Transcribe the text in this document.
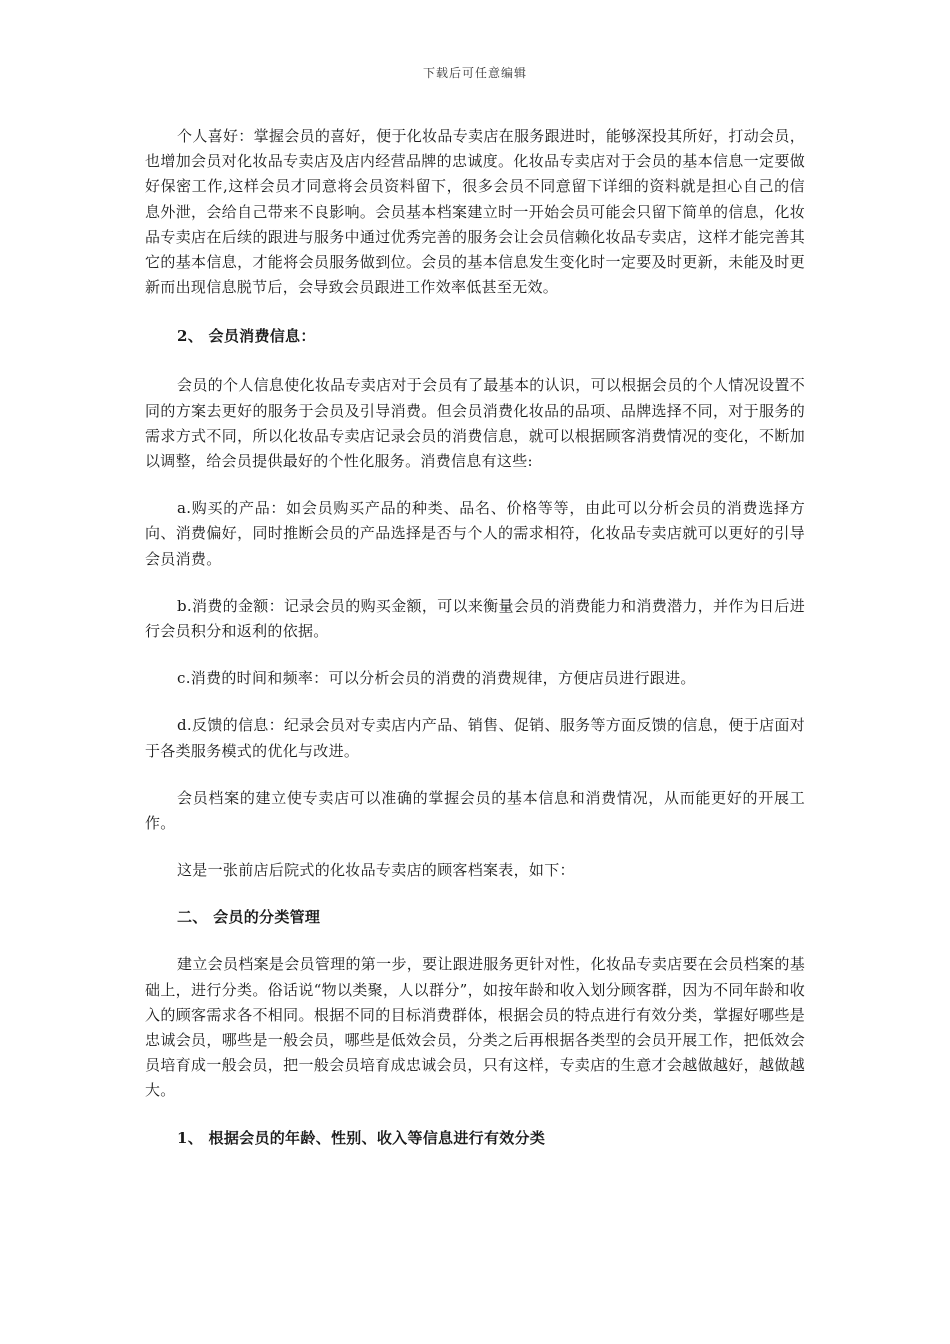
下载后可任意编辑

个人喜好：掌握会员的喜好，便于化妆品专卖店在服务跟进时，能够深投其所好，打动会员，也增加会员对化妆品专卖店及店内经营品牌的忠诚度。化妆品专卖店对于会员的基本信息一定要做好保密工作,这样会员才同意将会员资料留下，很多会员不同意留下详细的资料就是担心自己的信息外泄，会给自己带来不良影响。会员基本档案建立时一开始会员可能会只留下简单的信息，化妆品专卖店在后续的跟进与服务中通过优秀完善的服务会让会员信赖化妆品专卖店，这样才能完善其它的基本信息，才能将会员服务做到位。会员的基本信息发生变化时一定要及时更新，未能及时更新而出现信息脱节后，会导致会员跟进工作效率低甚至无效。

2、 会员消费信息：

会员的个人信息使化妆品专卖店对于会员有了最基本的认识，可以根据会员的个人情况设置不同的方案去更好的服务于会员及引导消费。但会员消费化妆品的品项、品牌选择不同，对于服务的需求方式不同，所以化妆品专卖店记录会员的消费信息，就可以根据顾客消费情况的变化，不断加以调整，给会员提供最好的个性化服务。消费信息有这些:

a.购买的产品：如会员购买产品的种类、品名、价格等等，由此可以分析会员的消费选择方向、消费偏好，同时推断会员的产品选择是否与个人的需求相符，化妆品专卖店就可以更好的引导会员消费。

b.消费的金额：记录会员的购买金额，可以来衡量会员的消费能力和消费潜力，并作为日后进行会员积分和返利的依据。

c.消费的时间和频率：可以分析会员的消费的消费规律，方便店员进行跟进。

d.反馈的信息：纪录会员对专卖店内产品、销售、促销、服务等方面反馈的信息，便于店面对于各类服务模式的优化与改进。

会员档案的建立使专卖店可以准确的掌握会员的基本信息和消费情况，从而能更好的开展工作。

这是一张前店后院式的化妆品专卖店的顾客档案表，如下：

二、 会员的分类管理

建立会员档案是会员管理的第一步，要让跟进服务更针对性，化妆品专卖店要在会员档案的基础上，进行分类。俗话说“物以类聚，人以群分”，如按年龄和收入划分顾客群，因为不同年龄和收入的顾客需求各不相同。根据不同的目标消费群体，根据会员的特点进行有效分类，掌握好哪些是忠诚会员，哪些是一般会员，哪些是低效会员，分类之后再根据各类型的会员开展工作，把低效会员培育成一般会员，把一般会员培育成忠诚会员，只有这样，专卖店的生意才会越做越好，越做越大。

1、 根据会员的年龄、性别、收入等信息进行有效分类
